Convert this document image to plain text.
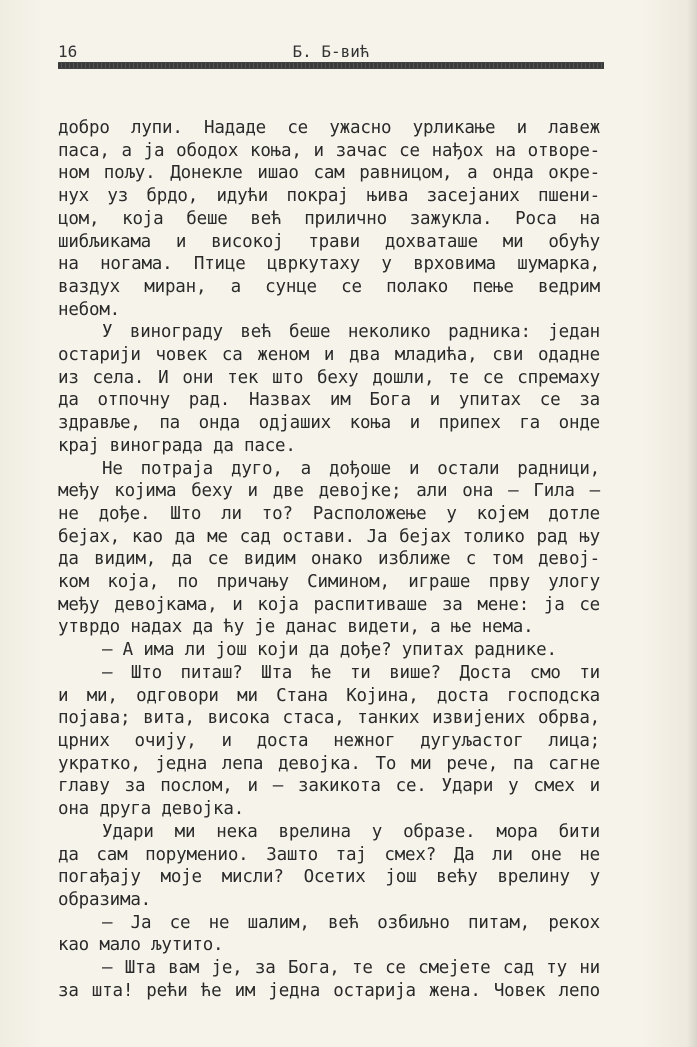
16	Б. Б-вић
добро лупи. Нададе се ужасно урликање и лавеж
паса, а ја ободох коња, и зачас се нађох на отворе-
ном пољу. Донекле ишао сам равницом, а онда окре-
нух уз брдо, идући покрај њива засејаних пшени-
цом, која беше већ прилично зажукла. Роса на
шибљикама и високој трави дохваташе ми обућу
на ногама. Птице цвркутаху у врховима шумарка,
ваздух миран, а сунце се полако пење ведрим
небом.
У винограду већ беше неколико радника: један
остарији човек са женом и два младића, сви одадне
из села. И они тек што беху дошли, те се спремаху
да отпочну рад. Назвах им Бога и упитах се за
здравље, па онда одјаших коња и припех га онде
крај винограда да пасе.
Не потраја дуго, а дођоше и остали радници,
међу којима беху и две девојке; али она — Гила —
не дође. Што ли то? Расположење у којем дотле
бејах, као да ме сад остави. Ја бејах толико рад њу
да видим, да се видим онако изближе с том девој-
ком која, по причању Симином, играше прву улогу
међу девојкама, и која распитиваше за мене: ја се
утврдо надах да ћу је данас видети, а ње нема.
— А има ли још који да дође? упитах раднике.
— Што питаш? Шта ће ти више? Доста смо ти
и ми, одговори ми Стана Којина, доста господска
појава; вита, висока стаса, танких извијених обрва,
црних очију, и доста нежног дугуљастог лица;
укратко, једна лепа девојка. То ми рече, па сагне
главу за послом, и — закикота се. Удари у смех и
она друга девојка.
Удари ми нека врелина у образе. мора бити
да сам поруменио. Зашто тај смех? Да ли оне не
погађају моје мисли? Осетих још већу врелину у
образима.
— Ја се не шалим, већ озбиљно питам, рекох
као мало љутито.
— Шта вам је, за Бога, те се смејете сад ту ни
за шта! рећи ће им једна остарија жена. Човек лепо
